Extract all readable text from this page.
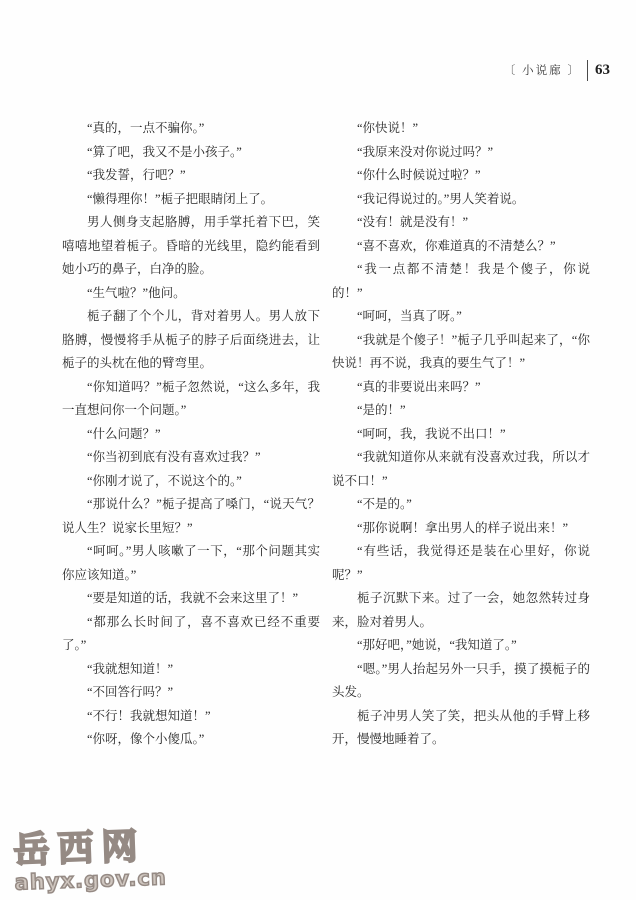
〔 小说廊 〕 63

“真的，一点不骗你。”

“算了吧，我又不是小孩子。”

“我发誓，行吧？”

“懒得理你！”栀子把眼睛闭上了。

男人侧身支起胳膊，用手掌托着下巴，笑嘻嘻地望着栀子。昏暗的光线里，隐约能看到她小巧的鼻子，白净的脸。

“生气啦？”他问。

栀子翻了个个儿，背对着男人。男人放下胳膊，慢慢将手从栀子的脖子后面绕进去，让栀子的头枕在他的臂弯里。

“你知道吗？”栀子忽然说，“这么多年，我一直想问你一个问题。”

“什么问题？”

“你当初到底有没有喜欢过我？”

“你刚才说了，不说这个的。”

“那说什么？”栀子提高了嗓门，“说天气？说人生？说家长里短？”

“呵呵。”男人咳嗽了一下，“那个问题其实你应该知道。”

“要是知道的话，我就不会来这里了！”

“都那么长时间了，喜不喜欢已经不重要了。”

“我就想知道！”

“不回答行吗？”

“不行！我就想知道！”

“你呀，像个小傻瓜。”

“你快说！”

“我原来没对你说过吗？”

“你什么时候说过啦？”

“我记得说过的。”男人笑着说。

“没有！就是没有！”

“喜不喜欢，你难道真的不清楚么？”

“我一点都不清楚！我是个傻子，你说的！”

“呵呵，当真了呀。”

“我就是个傻子！”栀子几乎叫起来了，“你快说！再不说，我真的要生气了！”

“真的非要说出来吗？”

“是的！”

“呵呵，我，我说不出口！”

“我就知道你从来就有没喜欢过我，所以才说不口！”

“不是的。”

“那你说啊！拿出男人的样子说出来！”

“有些话，我觉得还是装在心里好，你说呢？”

栀子沉默下来。过了一会，她忽然转过身来，脸对着男人。

“那好吧，”她说，“我知道了。”

“嗯。”男人抬起另外一只手，摸了摸栀子的头发。

栀子冲男人笑了笑，把头从他的手臂上移开，慢慢地睡着了。

岳西网
ahyx.gov.cn
